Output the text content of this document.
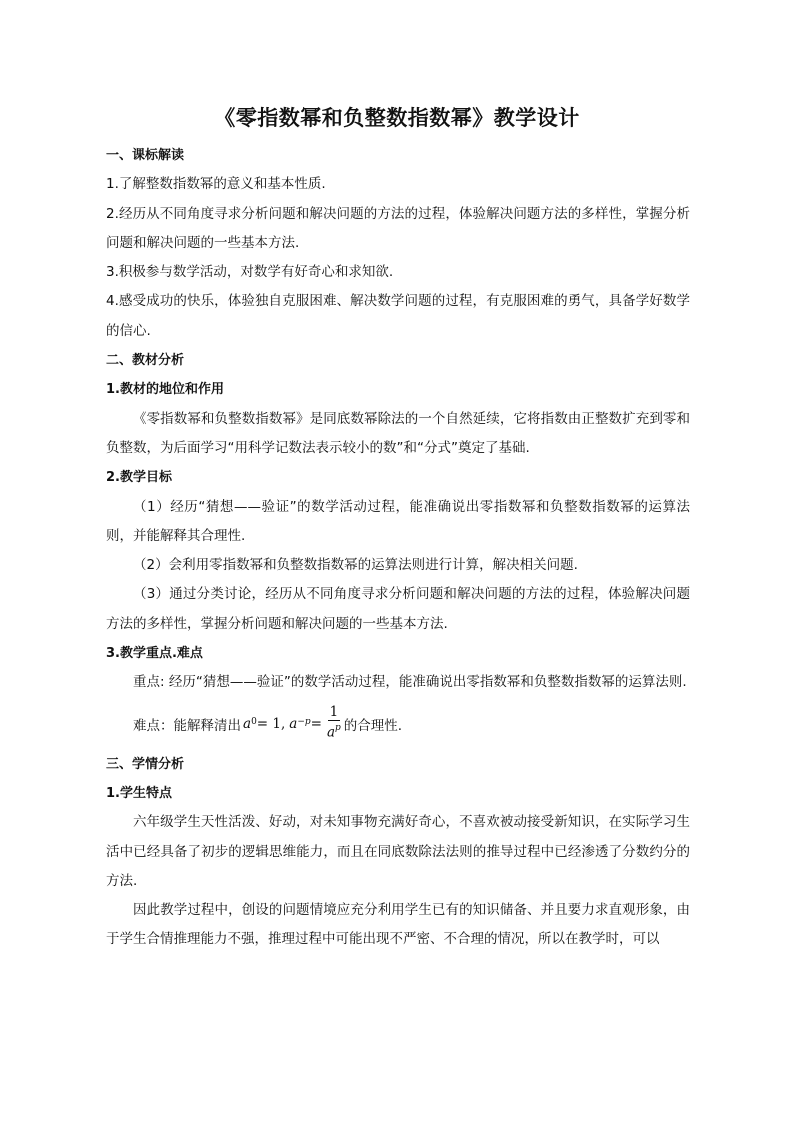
《零指数幂和负整数指数幂》教学设计
一、课标解读

1.了解整数指数幂的意义和基本性质.

2.经历从不同角度寻求分析问题和解决问题的方法的过程，体验解决问题方法的多样性，掌握分析问题和解决问题的一些基本方法.

3.积极参与数学活动，对数学有好奇心和求知欲.

4.感受成功的快乐，体验独自克服困难、解决数学问题的过程，有克服困难的勇气，具备学好数学的信心.

二、教材分析
1.教材的地位和作用

《零指数幂和负整数指数幂》是同底数幂除法的一个自然延续，它将指数由正整数扩充到零和负整数，为后面学习“用科学记数法表示较小的数”和“分式”奠定了基础.

2.教学目标

（1）经历“猜想——验证”的数学活动过程，能准确说出零指数幂和负整数指数幂的运算法则，并能解释其合理性.

（2）会利用零指数幂和负整数指数幂的运算法则进行计算，解决相关问题.

（3）通过分类讨论，经历从不同角度寻求分析问题和解决问题的方法的过程，体验解决问题方法的多样性，掌握分析问题和解决问题的一些基本方法.

3.教学重点.难点

重点: 经历“猜想——验证”的数学活动过程，能准确说出零指数幂和负整数指数幂的运算法则.

难点：能解释清出 $a^0 = 1$, $a^{-p} = \frac{1}{a^p}$ 的合理性.
三、学情分析
1.学生特点

六年级学生天性活泼、好动，对未知事物充满好奇心，不喜欢被动接受新知识，在实际学习生活中已经具备了初步的逻辑思维能力，而且在同底数除法法则的推导过程中已经渗透了分数约分的方法.

因此教学过程中，创设的问题情境应充分利用学生已有的知识储备、并且要力求直观形象，由于学生合情推理能力不强，推理过程中可能出现不严密、不合理的情况，所以在教学时，可以
